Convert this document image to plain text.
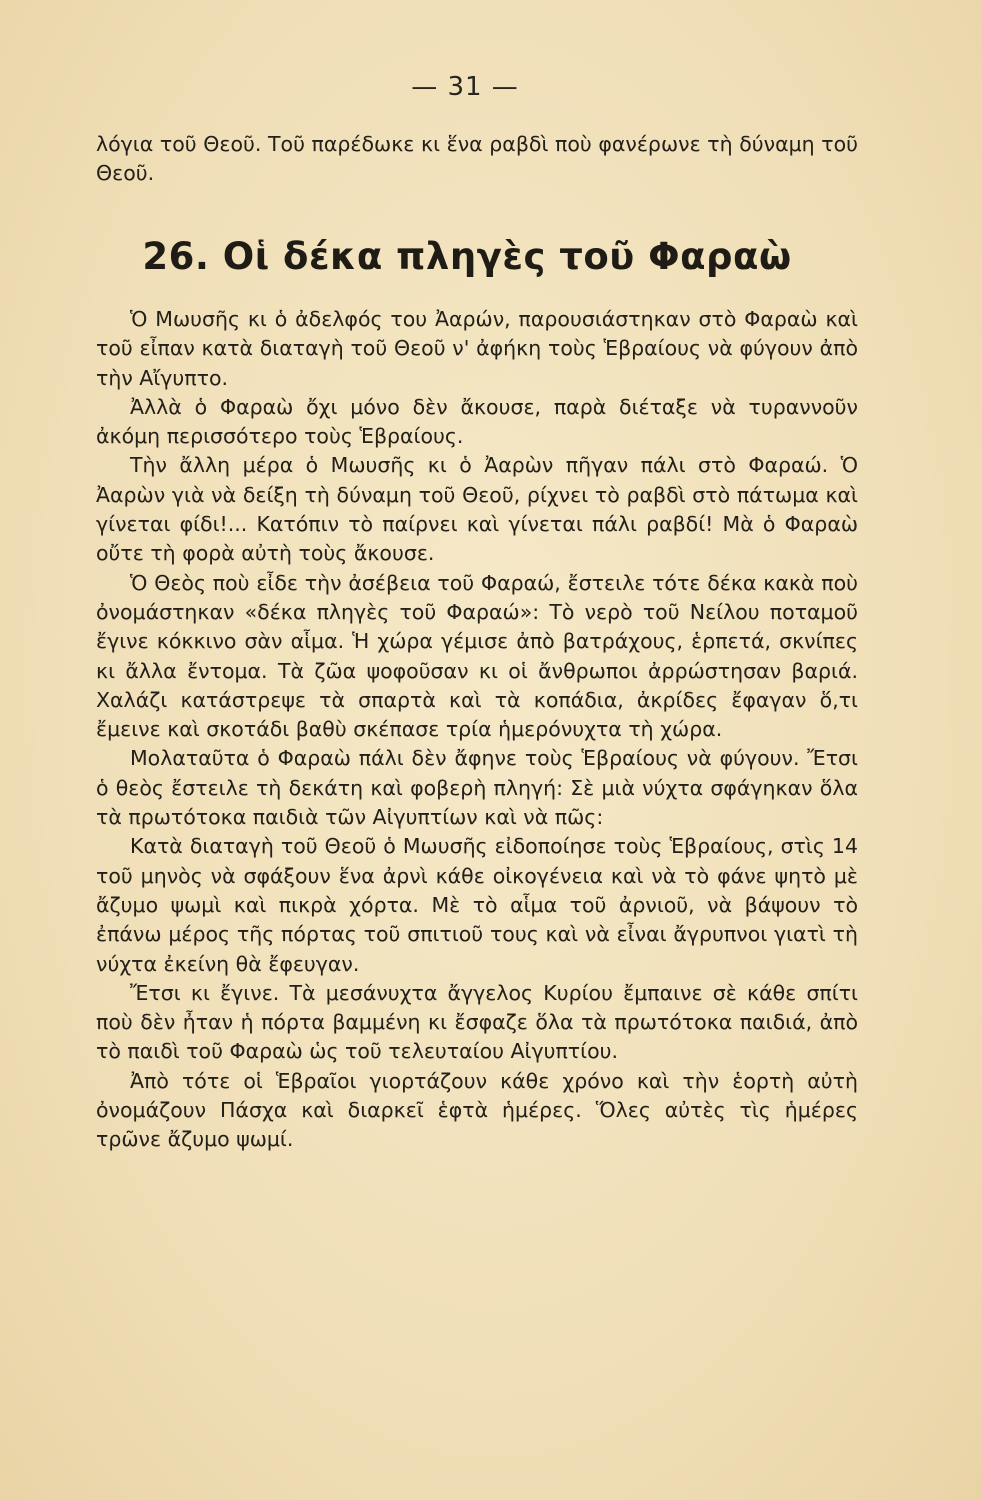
— 31 —

λόγια τοῦ Θεοῦ. Τοῦ παρέδωκε κι ἕνα ραβδὶ ποὺ φανέρωνε τὴ δύναμη τοῦ Θεοῦ.

26. Οἱ δέκα πληγὲς τοῦ Φαραὼ

Ὁ Μωυσῆς κι ὁ ἀδελφός του Ἀαρών, παρουσιάστηκαν στὸ Φαραὼ καὶ τοῦ εἶπαν κατὰ διαταγὴ τοῦ Θεοῦ ν' ἀφήκη τοὺς Ἑβραίους νὰ φύγουν ἀπὸ τὴν Αἴγυπτο.

Ἀλλὰ ὁ Φαραὼ ὄχι μόνο δὲν ἄκουσε, παρὰ διέταξε νὰ τυραννοῦν ἀκόμη περισσότερο τοὺς Ἑβραίους.

Τὴν ἄλλη μέρα ὁ Μωυσῆς κι ὁ Ἀαρὼν πῆγαν πάλι στὸ Φαραώ. Ὁ Ἀαρὼν γιὰ νὰ δείξη τὴ δύναμη τοῦ Θεοῦ, ρίχνει τὸ ραβδὶ στὸ πάτωμα καὶ γίνεται φίδι!... Κατόπιν τὸ παίρνει καὶ γίνεται πάλι ραβδί! Μὰ ὁ Φαραὼ οὔτε τὴ φορὰ αὐτὴ τοὺς ἄκουσε.

Ὁ Θεὸς ποὺ εἶδε τὴν ἀσέβεια τοῦ Φαραώ, ἔστειλε τότε δέκα κακὰ ποὺ ὀνομάστηκαν «δέκα πληγὲς τοῦ Φαραώ»: Τὸ νερὸ τοῦ Νείλου ποταμοῦ ἔγινε κόκκινο σὰν αἷμα. Ἡ χώρα γέμισε ἀπὸ βατράχους, ἑρπετά, σκνίπες κι ἄλλα ἔντομα. Τὰ ζῶα ψοφοῦσαν κι οἱ ἄνθρωποι ἀρρώστησαν βαριά. Χαλάζι κατάστρεψε τὰ σπαρτὰ καὶ τὰ κοπάδια, ἀκρίδες ἔφαγαν ὅ,τι ἔμεινε καὶ σκοτάδι βαθὺ σκέπασε τρία ἡμερόνυχτα τὴ χώρα.

Μολαταῦτα ὁ Φαραὼ πάλι δὲν ἄφηνε τοὺς Ἑβραίους νὰ φύγουν. Ἔτσι ὁ θεὸς ἔστειλε τὴ δεκάτη καὶ φοβερὴ πληγή: Σὲ μιὰ νύχτα σφάγηκαν ὅλα τὰ πρωτότοκα παιδιὰ τῶν Αἰγυπτίων καὶ νὰ πῶς:

Κατὰ διαταγὴ τοῦ Θεοῦ ὁ Μωυσῆς εἰδοποίησε τοὺς Ἑβραίους, στὶς 14 τοῦ μηνὸς νὰ σφάξουν ἕνα ἀρνὶ κάθε οἰκογένεια καὶ νὰ τὸ φάνε ψητὸ μὲ ἄζυμο ψωμὶ καὶ πικρὰ χόρτα. Μὲ τὸ αἷμα τοῦ ἀρνιοῦ, νὰ βάψουν τὸ ἐπάνω μέρος τῆς πόρτας τοῦ σπιτιοῦ τους καὶ νὰ εἶναι ἄγρυπνοι γιατὶ τὴ νύχτα ἐκείνη θὰ ἔφευγαν.

Ἔτσι κι ἔγινε. Τὰ μεσάνυχτα ἄγγελος Κυρίου ἔμπαινε σὲ κάθε σπίτι ποὺ δὲν ἦταν ἡ πόρτα βαμμένη κι ἔσφαζε ὅλα τὰ πρωτότοκα παιδιά, ἀπὸ τὸ παιδὶ τοῦ Φαραὼ ὡς τοῦ τελευταίου Αἰγυπτίου.

Ἀπὸ τότε οἱ Ἑβραῖοι γιορτάζουν κάθε χρόνο καὶ τὴν ἑορτὴ αὐτὴ ὀνομάζουν Πάσχα καὶ διαρκεῖ ἑφτὰ ἡμέρες. Ὅλες αὐτὲς τὶς ἡμέρες τρῶνε ἄζυμο ψωμί.
